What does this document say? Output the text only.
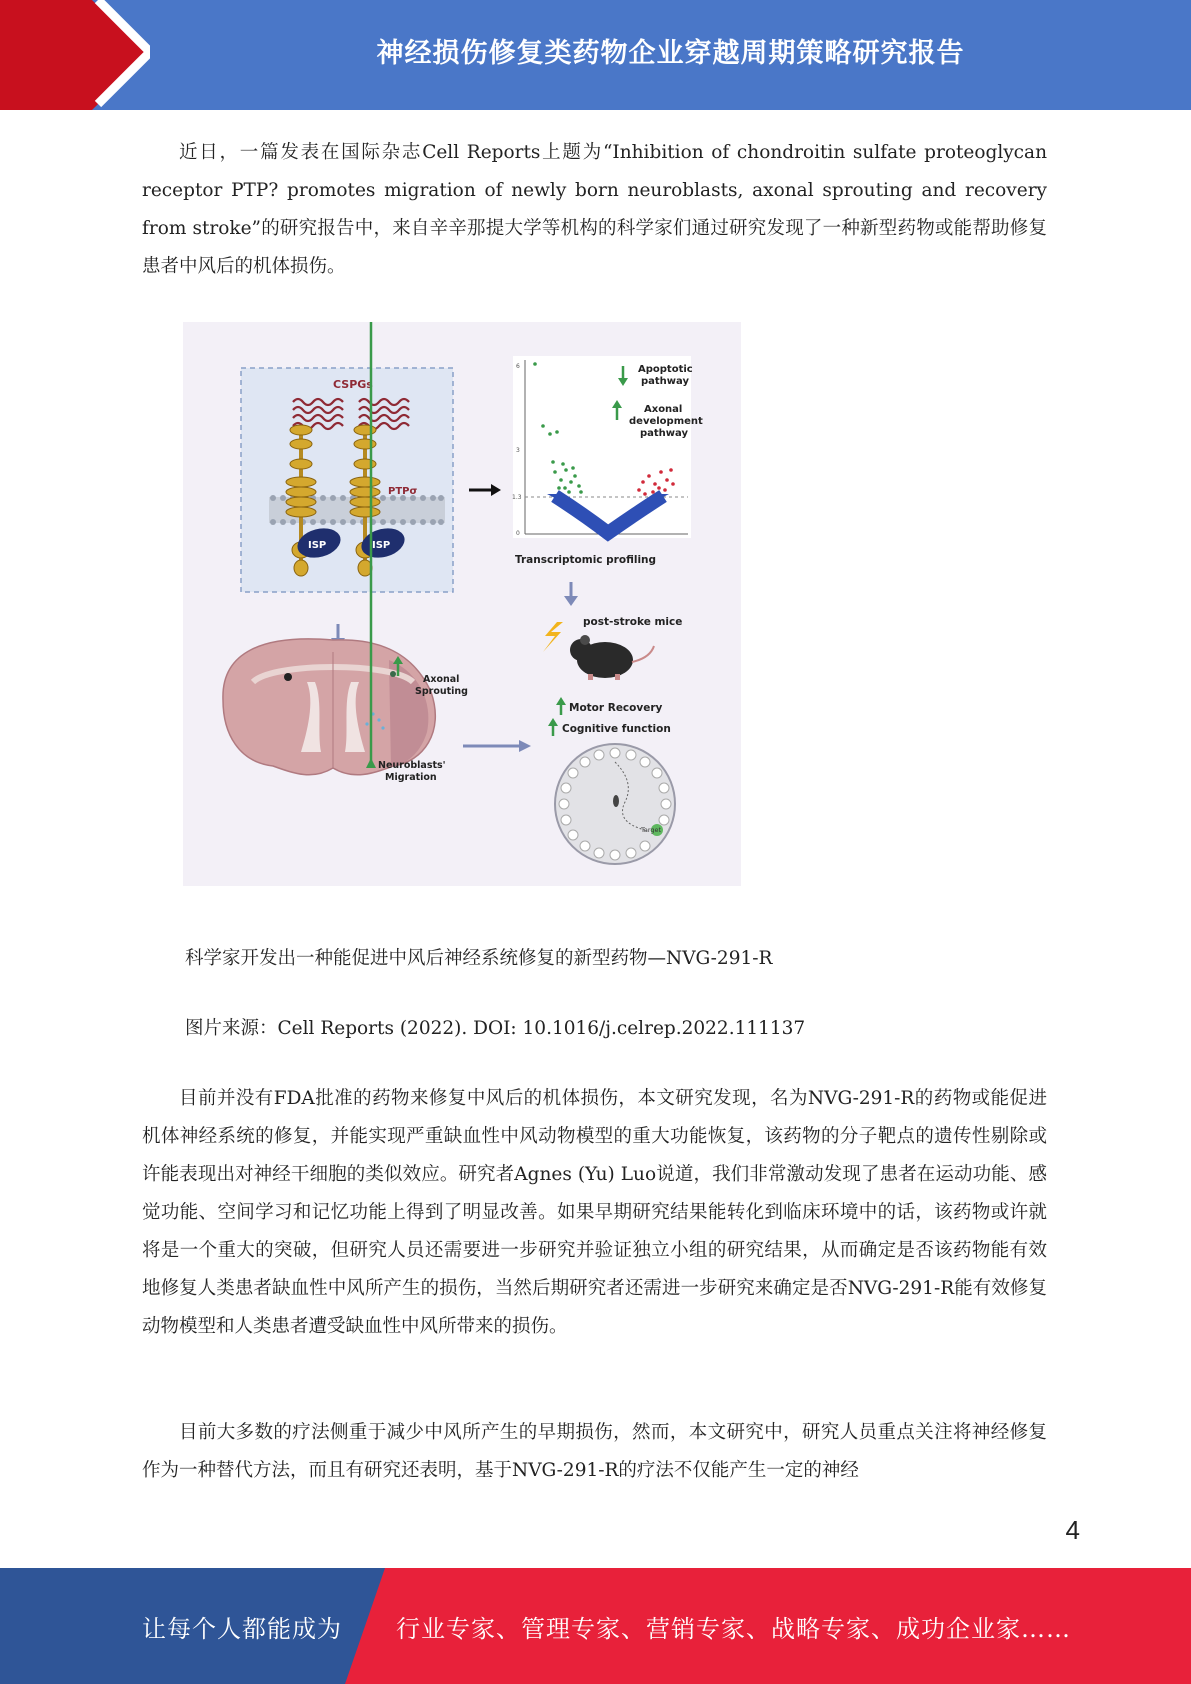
神经损伤修复类药物企业穿越周期策略研究报告
近日，一篇发表在国际杂志Cell Reports上题为“Inhibition of chondroitin sulfate proteoglycan receptor PTP? promotes migration of newly born neuroblasts, axonal sprouting and recovery from stroke”的研究报告中，来自辛辛那提大学等机构的科学家们通过研究发现了一种新型药物或能帮助修复患者中风后的机体损伤。
CSPGs
ISP	ISP
PTPσ
6
3
1.3
0
Apoptotic
pathway
Axonal
development
pathway
Transcriptomic profiling
post-stroke mice
Axonal
Sprouting
Neuroblasts'
Migration
Motor Recovery
Cognitive function
Target
科学家开发出一种能促进中风后神经系统修复的新型药物—NVG-291-R
图片来源：Cell Reports (2022). DOI: 10.1016/j.celrep.2022.111137
目前并没有FDA批准的药物来修复中风后的机体损伤，本文研究发现，名为NVG-291-R的药物或能促进机体神经系统的修复，并能实现严重缺血性中风动物模型的重大功能恢复，该药物的分子靶点的遗传性剔除或许能表现出对神经干细胞的类似效应。研究者Agnes (Yu) Luo说道，我们非常激动发现了患者在运动功能、感觉功能、空间学习和记忆功能上得到了明显改善。如果早期研究结果能转化到临床环境中的话，该药物或许就将是一个重大的突破，但研究人员还需要进一步研究并验证独立小组的研究结果，从而确定是否该药物能有效地修复人类患者缺血性中风所产生的损伤，当然后期研究者还需进一步研究来确定是否NVG-291-R能有效修复动物模型和人类患者遭受缺血性中风所带来的损伤。
目前大多数的疗法侧重于减少中风所产生的早期损伤，然而，本文研究中，研究人员重点关注将神经修复作为一种替代方法，而且有研究还表明，基于NVG-291-R的疗法不仅能产生一定的神经
4
让每个人都能成为 行业专家、管理专家、营销专家、战略专家、成功企业家……
